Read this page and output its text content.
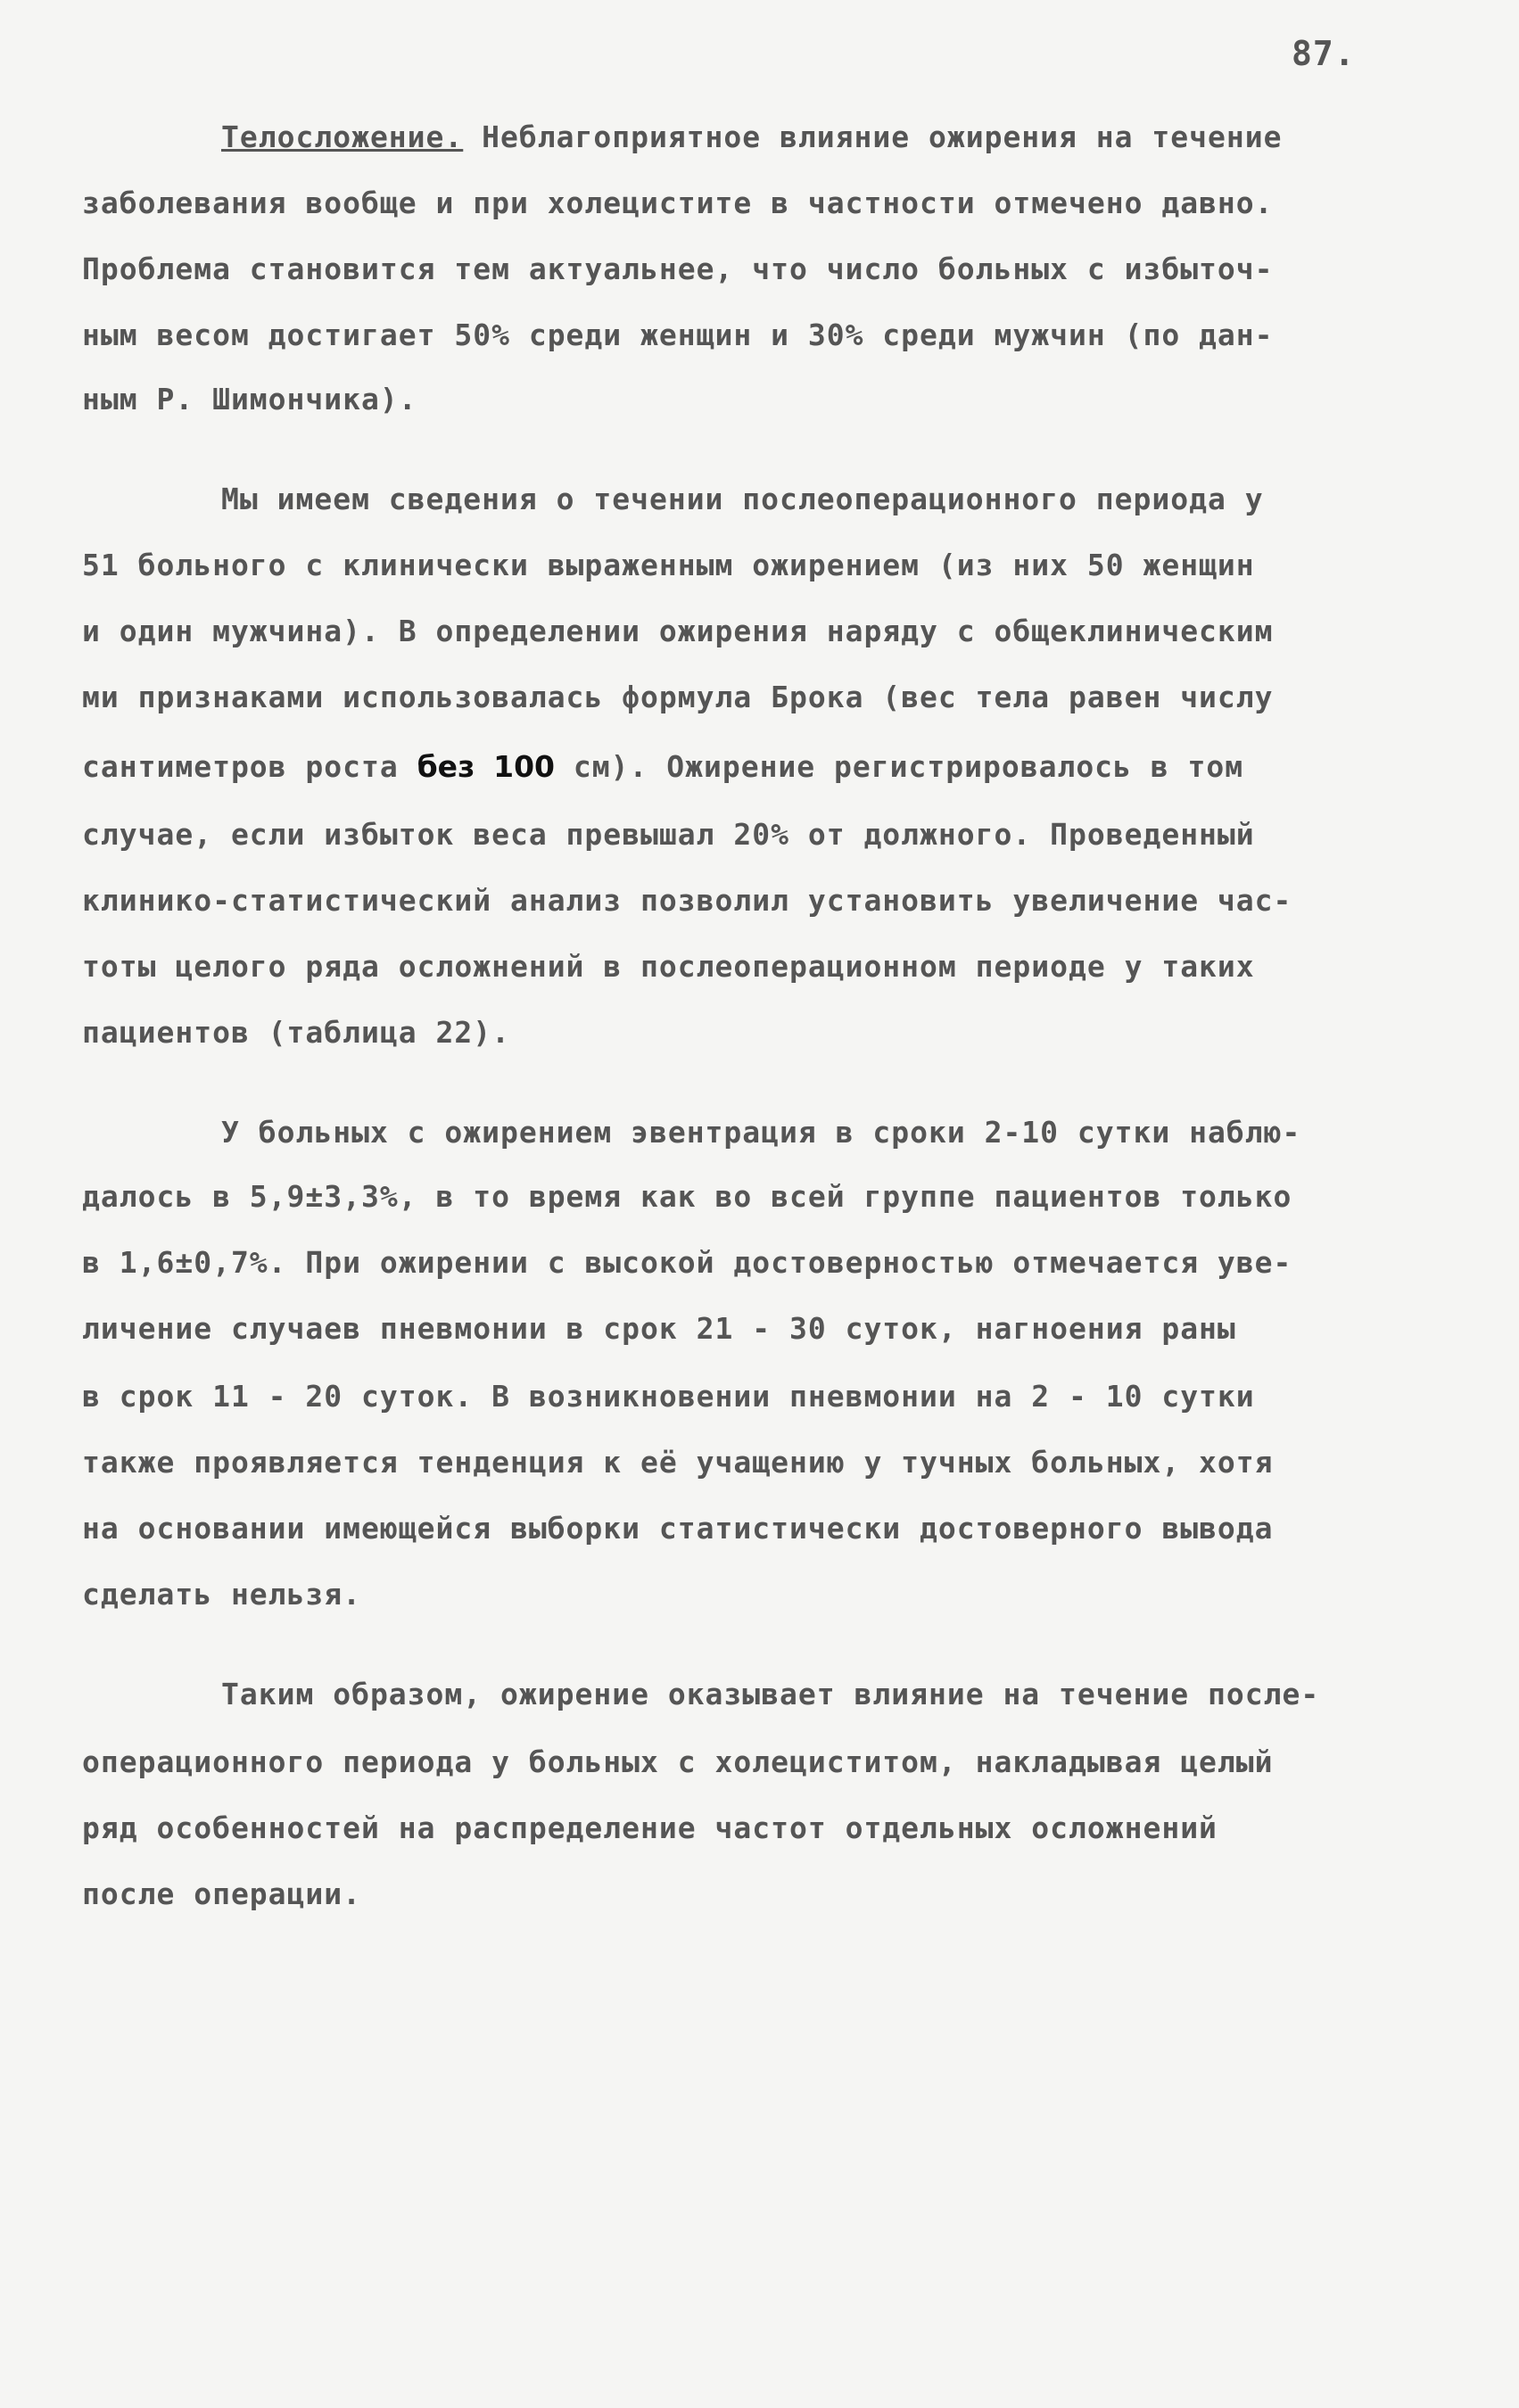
87.
Телосложение. Неблагоприятное влияние ожирения на течение
заболевания вообще и при холецистите в частности отмечено давно.
Проблема становится тем актуальнее, что число больных с избыточ-
ным весом достигает 50% среди женщин и 30% среди мужчин (по дан-
ным Р. Шимончика).
Мы имеем сведения о течении послеоперационного периода у
51 больного с клинически выраженным ожирением (из них 50 женщин
и один мужчина). В определении ожирения наряду с общеклиническим
ми признаками использовалась формула Брока (вес тела равен числу
сантиметров роста без 100 см). Ожирение регистрировалось в том
случае, если избыток веса превышал 20% от должного. Проведенный
клинико-статистический анализ позволил установить увеличение час-
тоты целого ряда осложнений в послеоперационном периоде у таких
пациентов (таблица 22).
У больных с ожирением эвентрация в сроки 2-10 сутки наблю-
далось в 5,9±3,3%, в то время как во всей группе пациентов только
в 1,6±0,7%. При ожирении с высокой достоверностью отмечается уве-
личение случаев пневмонии в срок 21 - 30 суток, нагноения раны
в срок 11 - 20 суток. В возникновении пневмонии на 2 - 10 сутки
также проявляется тенденция к её учащению у тучных больных, хотя
на основании имеющейся выборки статистически достоверного вывода
сделать нельзя.
Таким образом, ожирение оказывает влияние на течение после-
операционного периода у больных с холециститом, накладывая целый
ряд особенностей на распределение частот отдельных осложнений
после операции.
